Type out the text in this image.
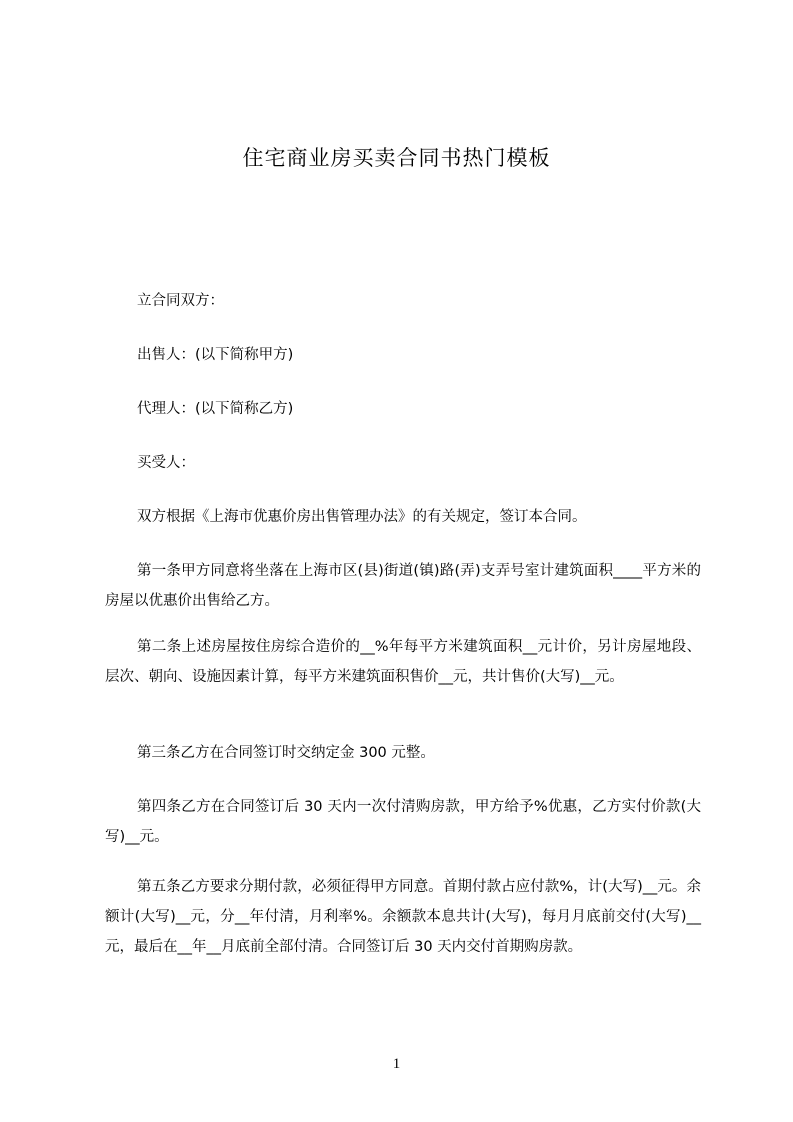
住宅商业房买卖合同书热门模板

立合同双方：

出售人：(以下简称甲方)

代理人：(以下简称乙方)

买受人：

双方根据《上海市优惠价房出售管理办法》的有关规定，签订本合同。

第一条甲方同意将坐落在上海市区(县)街道(镇)路(弄)支弄号室计建筑面积____平方米的房屋以优惠价出售给乙方。

第二条上述房屋按住房综合造价的__%年每平方米建筑面积__元计价，另计房屋地段、层次、朝向、设施因素计算，每平方米建筑面积售价__元，共计售价(大写)__元。

第三条乙方在合同签订时交纳定金 300 元整。

第四条乙方在合同签订后 30 天内一次付清购房款，甲方给予%优惠，乙方实付价款(大写)__元。

第五条乙方要求分期付款，必须征得甲方同意。首期付款占应付款%，计(大写)__元。余额计(大写)__元，分__年付清，月利率%。余额款本息共计(大写)，每月月底前交付(大写)__元，最后在__年__月底前全部付清。合同签订后 30 天内交付首期购房款。

1
